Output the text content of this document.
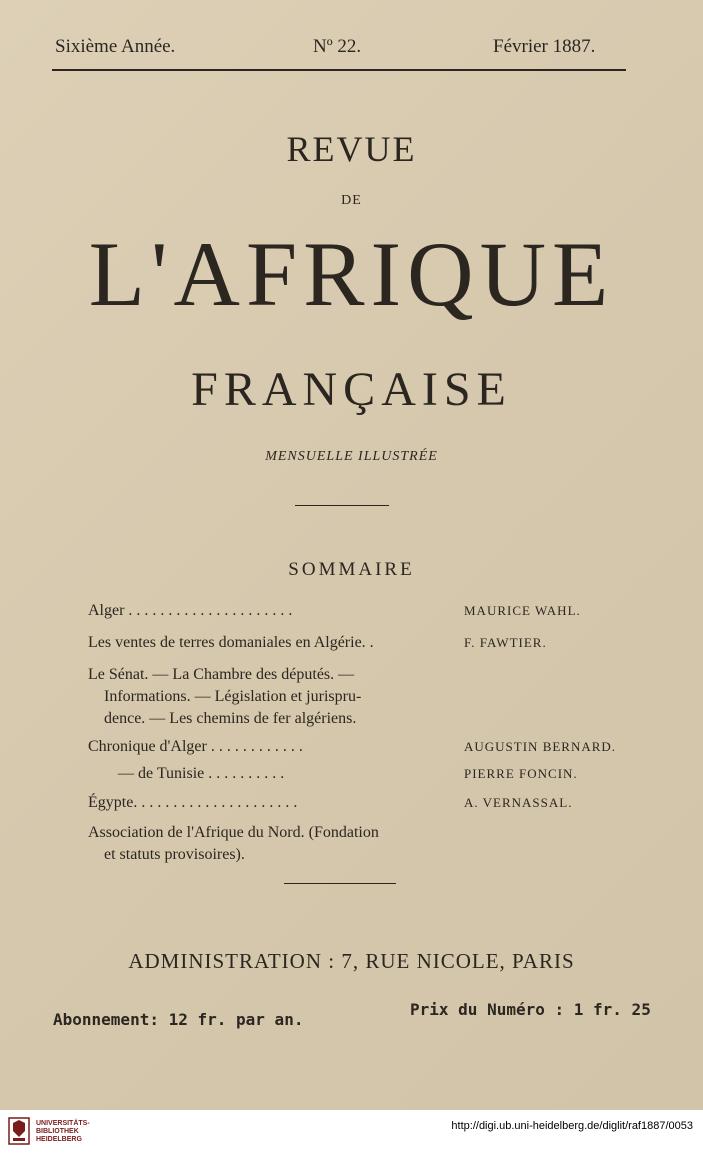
Sixième Année.	Nº 22.	Février 1887.
REVUE
DE
L'AFRIQUE
FRANÇAISE
MENSUELLE ILLUSTRÉE
SOMMAIRE
Alger . . . . . . . . . . . . . . . . . . . . .	MAURICE WAHL.
Les ventes de terres domaniales en Algérie. .	F. FAWTIER.
Le Sénat. — La Chambre des députés. —
Informations. — Législation et jurispru-
dence. — Les chemins de fer algériens.
Chronique d'Alger . . . . . . . . . . . .	AUGUSTIN BERNARD.
— de Tunisie . . . . . . . . . .	PIERRE FONCIN.
Égypte. . . . . . . . . . . . . . . . . . . . .	A. VERNASSAL.
Association de l'Afrique du Nord. (Fondation
et statuts provisoires).
ADMINISTRATION : 7, RUE NICOLE, PARIS
Abonnement: 12 fr. par an.
Prix du Numéro : 1 fr. 25
UNIVERSITÄTS-
BIBLIOTHEK
HEIDELBERG
http://digi.ub.uni-heidelberg.de/diglit/raf1887/0053
